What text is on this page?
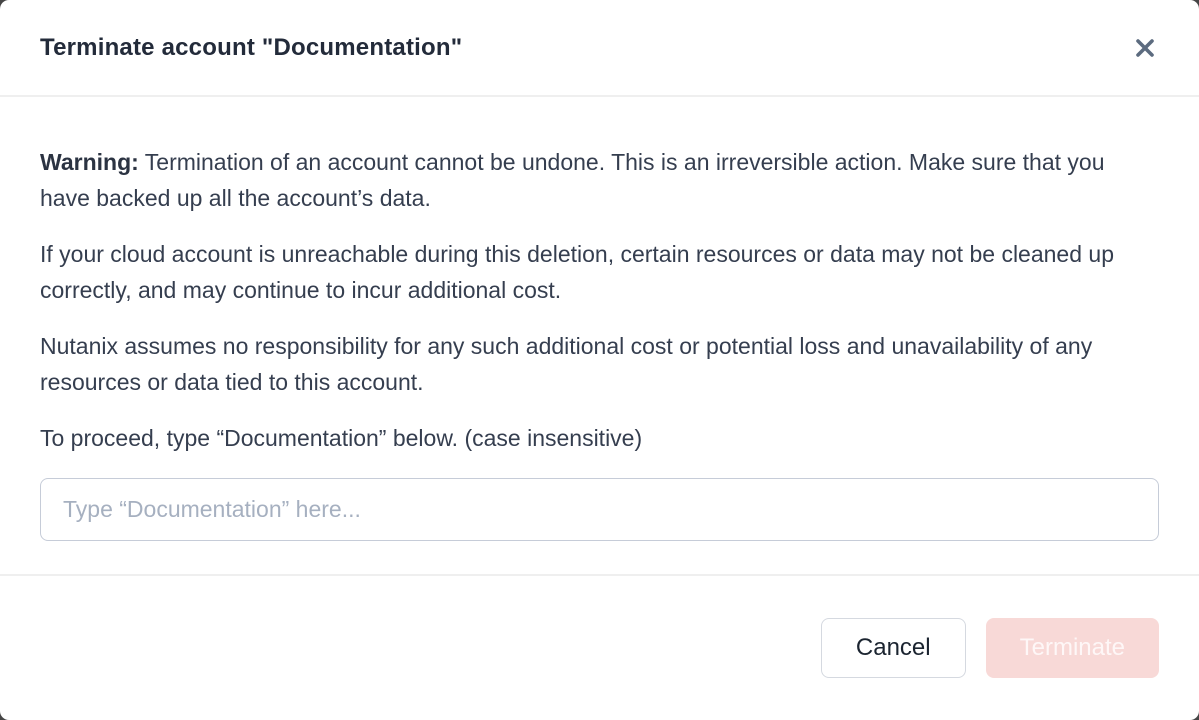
Terminate account "Documentation"

Warning: Termination of an account cannot be undone. This is an irreversible action. Make sure that you have backed up all the account’s data.

If your cloud account is unreachable during this deletion, certain resources or data may not be cleaned up correctly, and may continue to incur additional cost.

Nutanix assumes no responsibility for any such additional cost or potential loss and unavailability of any resources or data tied to this account.

To proceed, type “Documentation” below. (case insensitive)

Type “Documentation” here...
Cancel	Terminate
